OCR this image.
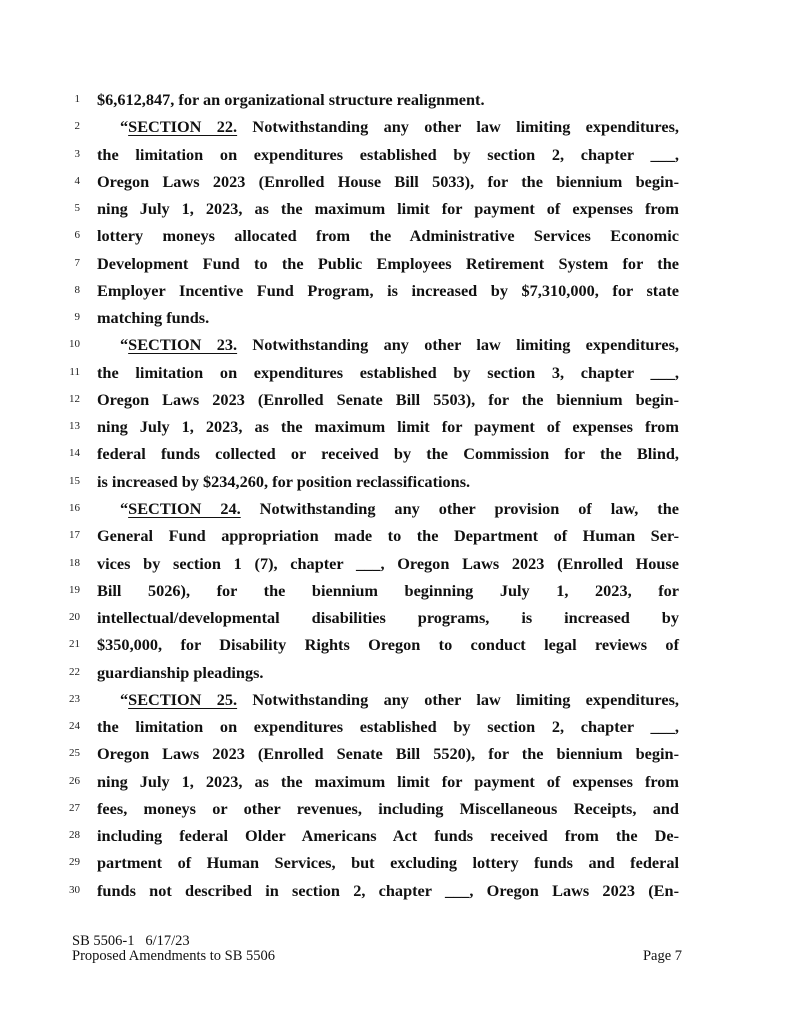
1 $6,612,847, for an organizational structure realignment.
2 “SECTION 22. Notwithstanding any other law limiting expenditures,
3 the limitation on expenditures established by section 2, chapter ___,
4 Oregon Laws 2023 (Enrolled House Bill 5033), for the biennium begin-
5 ning July 1, 2023, as the maximum limit for payment of expenses from
6 lottery moneys allocated from the Administrative Services Economic
7 Development Fund to the Public Employees Retirement System for the
8 Employer Incentive Fund Program, is increased by $7,310,000, for state
9 matching funds.
10 “SECTION 23. Notwithstanding any other law limiting expenditures,
11 the limitation on expenditures established by section 3, chapter ___,
12 Oregon Laws 2023 (Enrolled Senate Bill 5503), for the biennium begin-
13 ning July 1, 2023, as the maximum limit for payment of expenses from
14 federal funds collected or received by the Commission for the Blind,
15 is increased by $234,260, for position reclassifications.
16 “SECTION 24. Notwithstanding any other provision of law, the
17 General Fund appropriation made to the Department of Human Ser-
18 vices by section 1 (7), chapter ___, Oregon Laws 2023 (Enrolled House
19 Bill 5026), for the biennium beginning July 1, 2023, for
20 intellectual/developmental disabilities programs, is increased by
21 $350,000, for Disability Rights Oregon to conduct legal reviews of
22 guardianship pleadings.
23 “SECTION 25. Notwithstanding any other law limiting expenditures,
24 the limitation on expenditures established by section 2, chapter ___,
25 Oregon Laws 2023 (Enrolled Senate Bill 5520), for the biennium begin-
26 ning July 1, 2023, as the maximum limit for payment of expenses from
27 fees, moneys or other revenues, including Miscellaneous Receipts, and
28 including federal Older Americans Act funds received from the De-
29 partment of Human Services, but excluding lottery funds and federal
30 funds not described in section 2, chapter ___, Oregon Laws 2023 (En-
SB 5506-1   6/17/23
Proposed Amendments to SB 5506	Page 7
